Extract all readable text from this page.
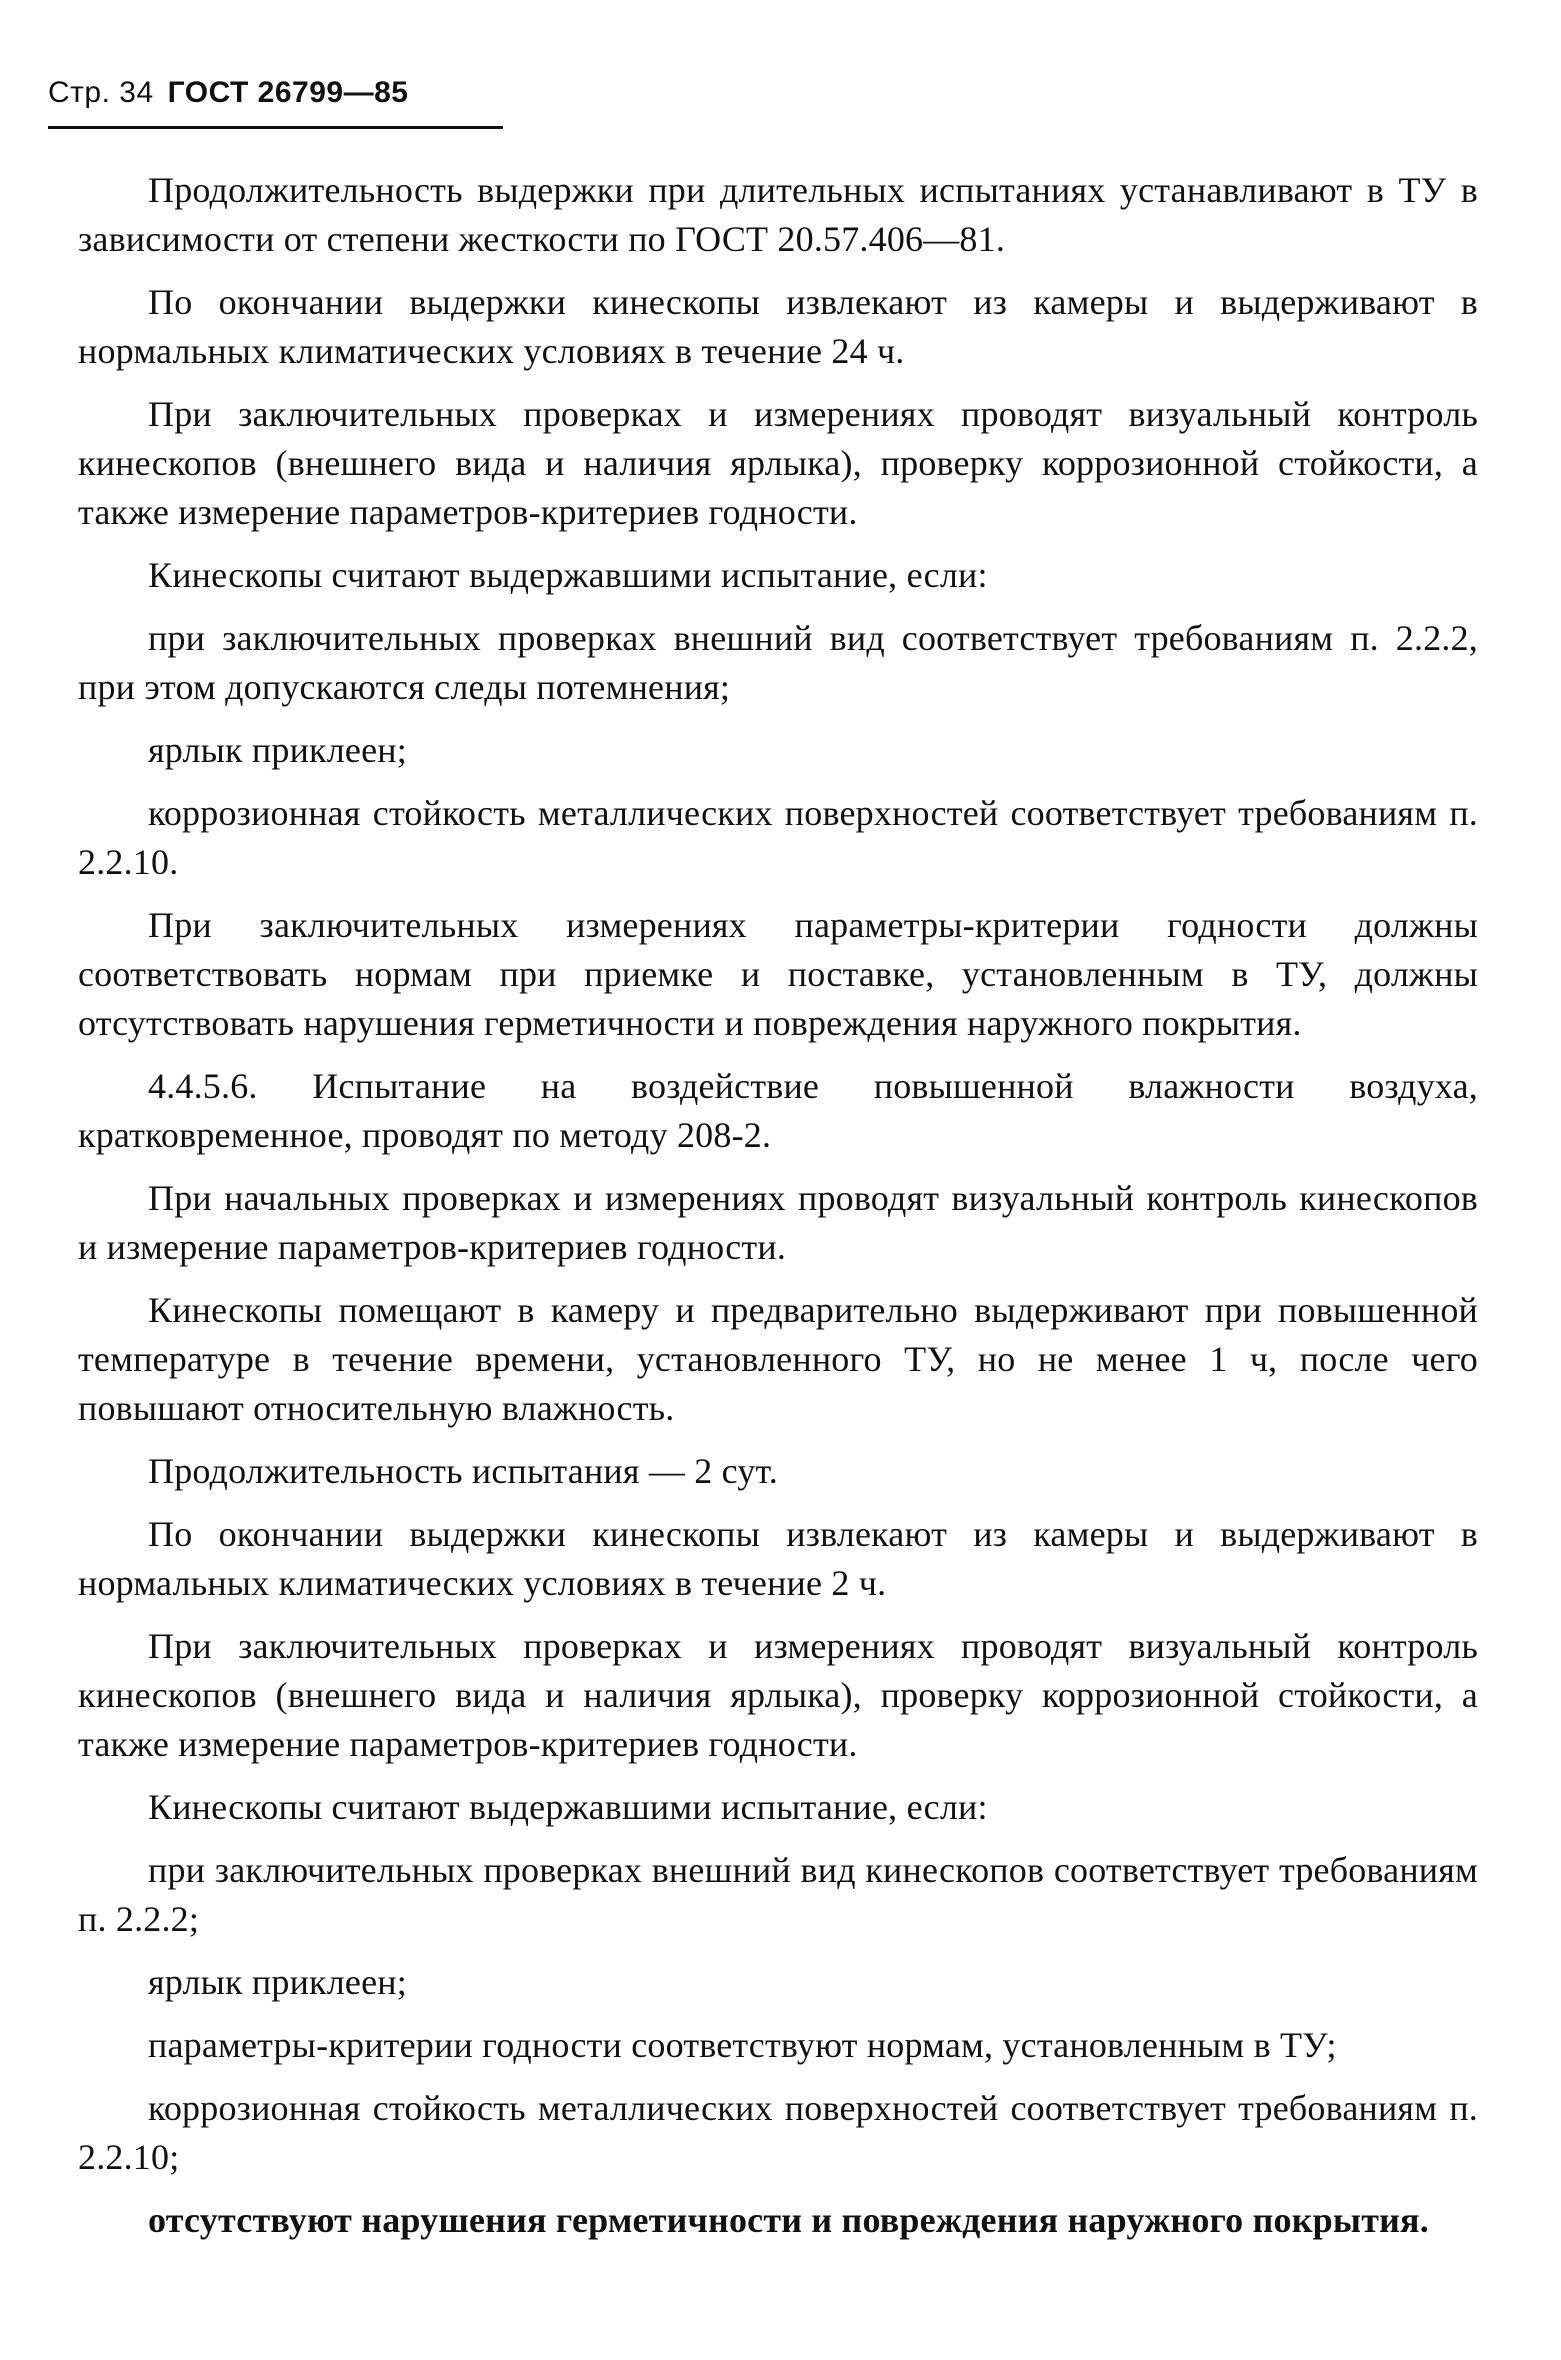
Стр. 34 ГОСТ 26799—85

Продолжительность выдержки при длительных испытаниях устанавливают в ТУ в зависимости от степени жесткости по ГОСТ 20.57.406—81.

По окончании выдержки кинескопы извлекают из камеры и выдерживают в нормальных климатических условиях в течение 24 ч.

При заключительных проверках и измерениях проводят визуальный контроль кинескопов (внешнего вида и наличия ярлыка), проверку коррозионной стойкости, а также измерение параметров-критериев годности.

Кинескопы считают выдержавшими испытание, если:

при заключительных проверках внешний вид соответствует требованиям п. 2.2.2, при этом допускаются следы потемнения;

ярлык приклеен;

коррозионная стойкость металлических поверхностей соответствует требованиям п. 2.2.10.

При заключительных измерениях параметры-критерии годности должны соответствовать нормам при приемке и поставке, установленным в ТУ, должны отсутствовать нарушения герметичности и повреждения наружного покрытия.

4.4.5.6. Испытание на воздействие повышенной влажности воздуха, кратковременное, проводят по методу 208-2.

При начальных проверках и измерениях проводят визуальный контроль кинескопов и измерение параметров-критериев годности.

Кинескопы помещают в камеру и предварительно выдерживают при повышенной температуре в течение времени, установленного ТУ, но не менее 1 ч, после чего повышают относительную влажность.

Продолжительность испытания — 2 сут.

По окончании выдержки кинескопы извлекают из камеры и выдерживают в нормальных климатических условиях в течение 2 ч.

При заключительных проверках и измерениях проводят визуальный контроль кинескопов (внешнего вида и наличия ярлыка), проверку коррозионной стойкости, а также измерение параметров-критериев годности.

Кинескопы считают выдержавшими испытание, если:

при заключительных проверках внешний вид кинескопов соответствует требованиям п. 2.2.2;

ярлык приклеен;

параметры-критерии годности соответствуют нормам, установленным в ТУ;

коррозионная стойкость металлических поверхностей соответствует требованиям п. 2.2.10;

отсутствуют нарушения герметичности и повреждения наружного покрытия.
